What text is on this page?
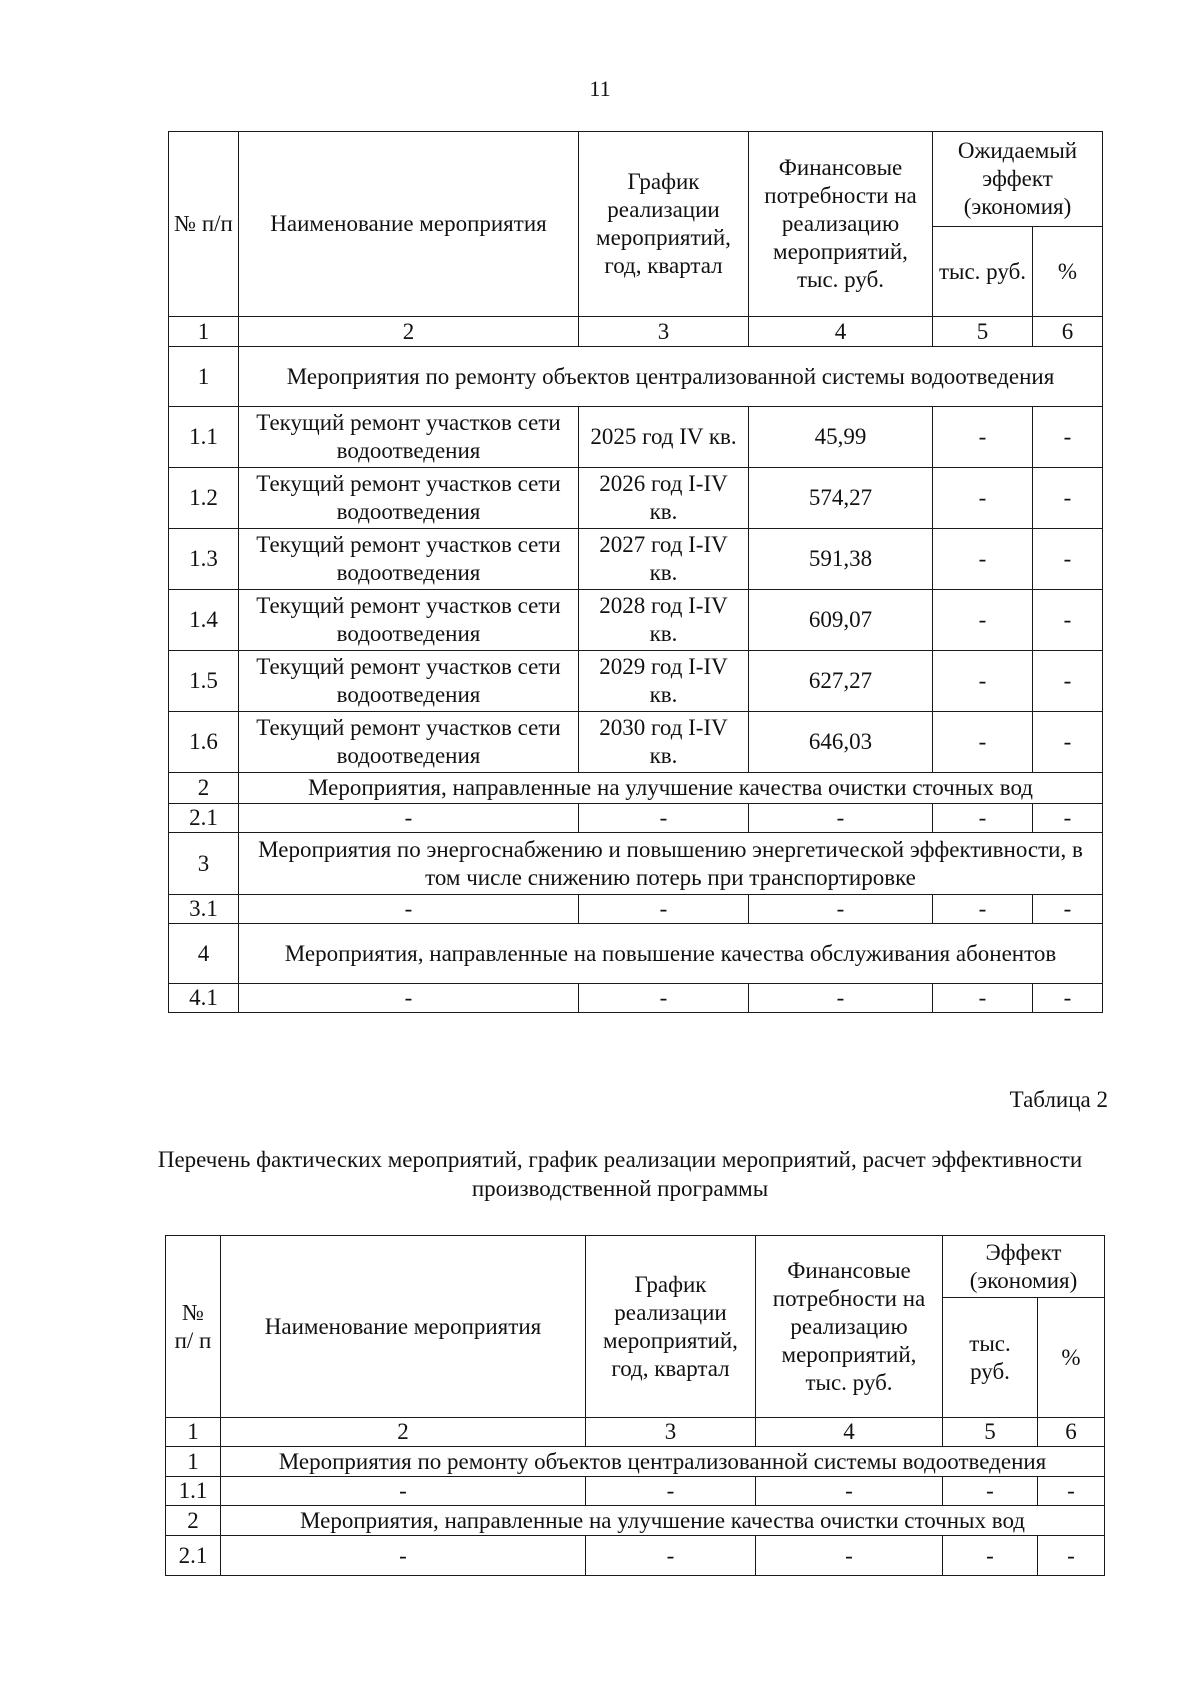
11
№ п/п	Наименование мероприятия	График реализации мероприятий, год, квартал	Финансовые потребности на реализацию мероприятий, тыс. руб.	Ожидаемый эффект (экономия)	
				тыс. руб.	%
1	2	3	4	5	6
1	Мероприятия по ремонту объектов централизованной системы водоотведения				
1.1	Текущий ремонт участков сети водоотведения	2025 год IV кв.	45,99	-	-
1.2	Текущий ремонт участков сети водоотведения	2026 год I-IV кв.	574,27	-	-
1.3	Текущий ремонт участков сети водоотведения	2027 год I-IV кв.	591,38	-	-
1.4	Текущий ремонт участков сети водоотведения	2028 год I-IV кв.	609,07	-	-
1.5	Текущий ремонт участков сети водоотведения	2029 год I-IV кв.	627,27	-	-
1.6	Текущий ремонт участков сети водоотведения	2030 год I-IV кв.	646,03	-	-
2	Мероприятия, направленные на улучшение качества очистки сточных вод				
2.1	-	-	-	-	-
3	Мероприятия по энергоснабжению и повышению энергетической эффективности, в том числе снижению потерь при транспортировке				
3.1	-	-	-	-	-
4	Мероприятия, направленные на повышение качества обслуживания абонентов				
4.1	-	-	-	-	-
Таблица 2
Перечень фактических мероприятий, график реализации мероприятий, расчет эффективности производственной программы
№ п/ п	Наименование мероприятия	График реализации мероприятий, год, квартал	Финансовые потребности на реализацию мероприятий, тыс. руб.	Эффект (экономия)	
				тыс. руб.	%
1	2	3	4	5	6
1	Мероприятия по ремонту объектов централизованной системы водоотведения				
1.1	-	-	-	-	-
2	Мероприятия, направленные на улучшение качества очистки сточных вод				
2.1	-	-	-	-	-
